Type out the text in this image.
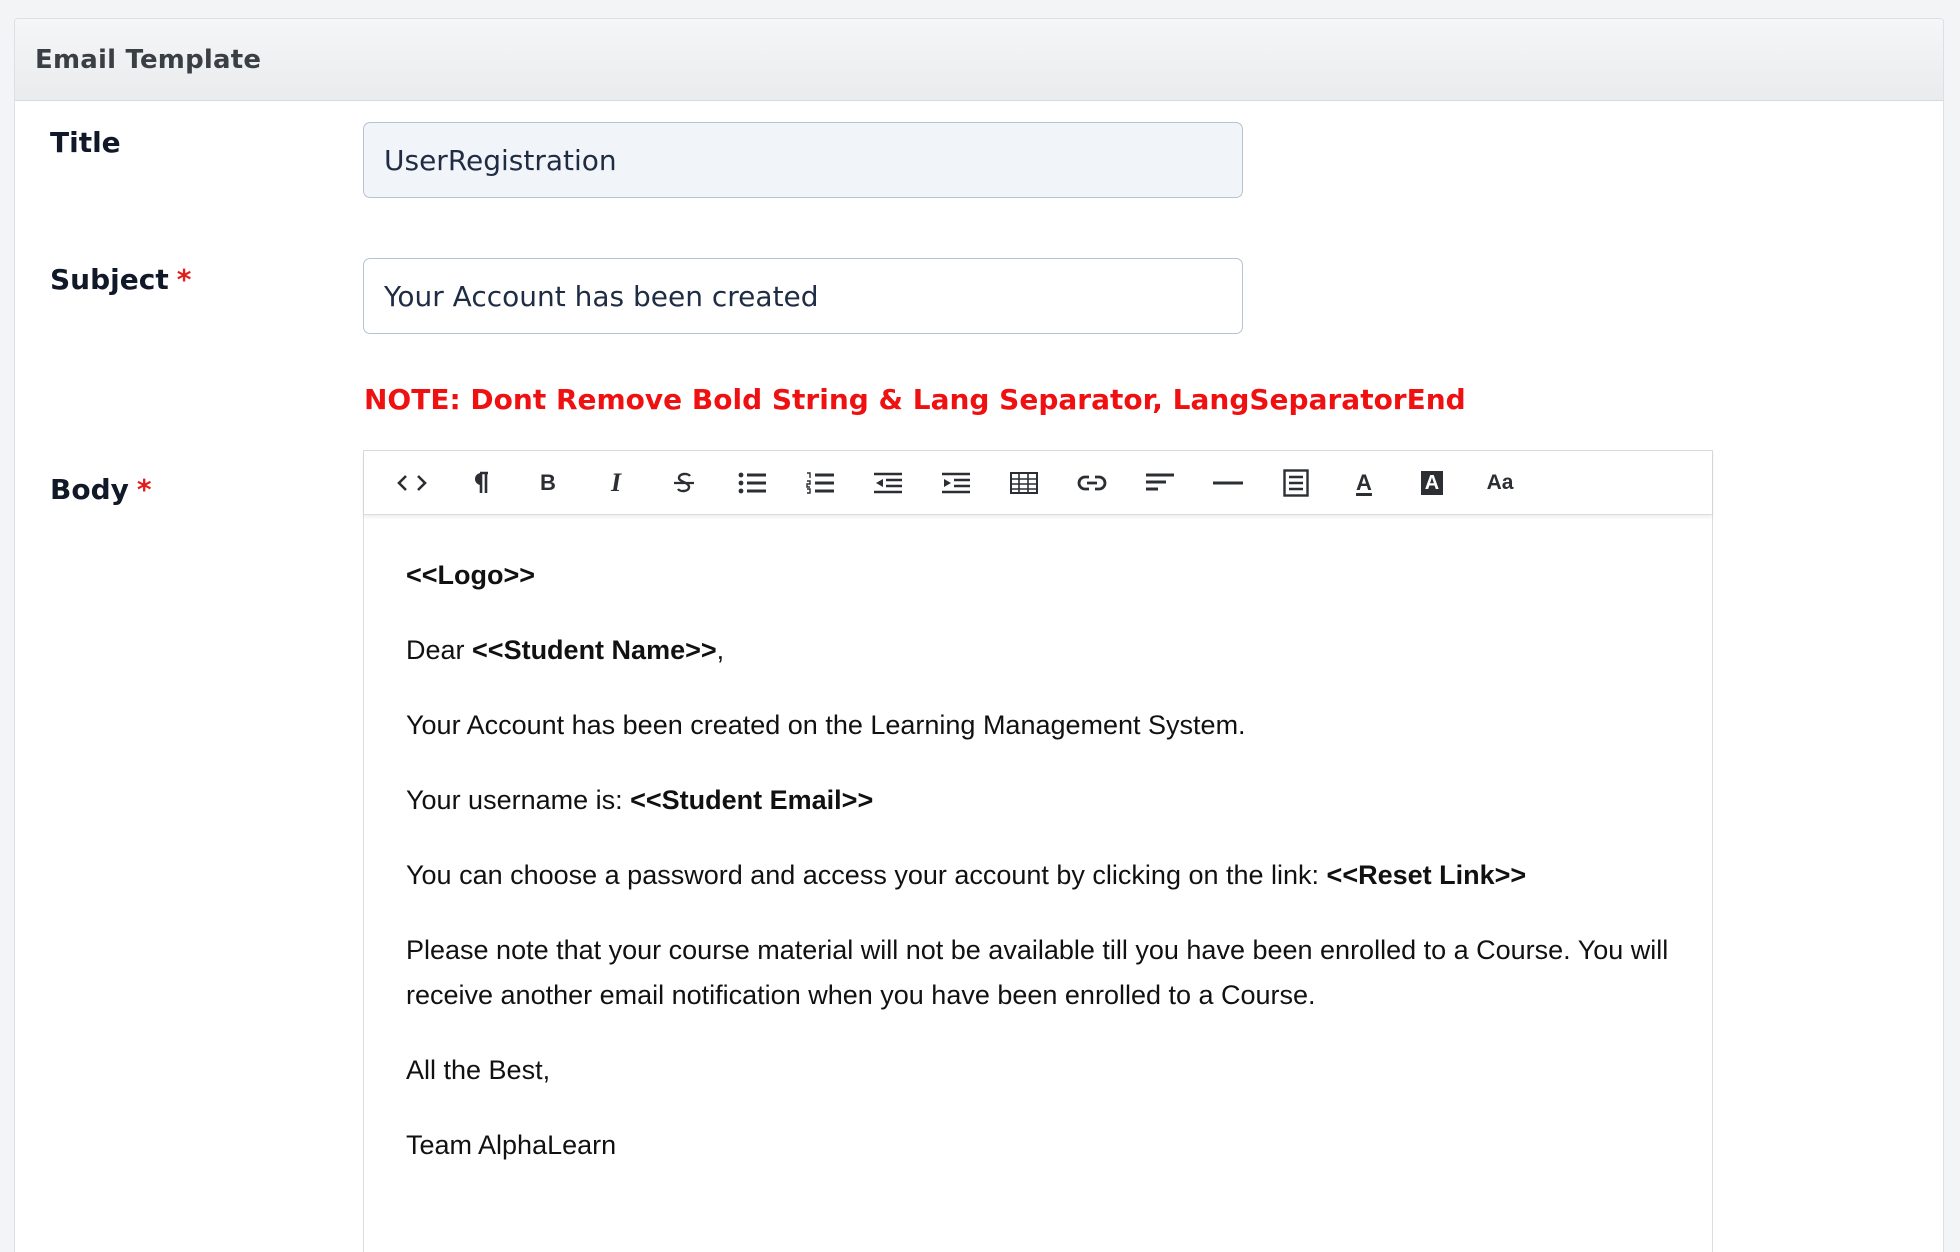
Email Template
Title
UserRegistration
Subject *
Your Account has been created
NOTE: Dont Remove Bold String & Lang Separator, LangSeparatorEnd
Body *	B I	A	A Aa

<<Logo>>

Dear <<Student Name>>,

Your Account has been created on the Learning Management System.

Your username is: <<Student Email>>

You can choose a password and access your account by clicking on the link: <<Reset Link>>

Please note that your course material will not be available till you have been enrolled to a Course. You will receive another email notification when you have been enrolled to a Course.

All the Best,

Team AlphaLearn
